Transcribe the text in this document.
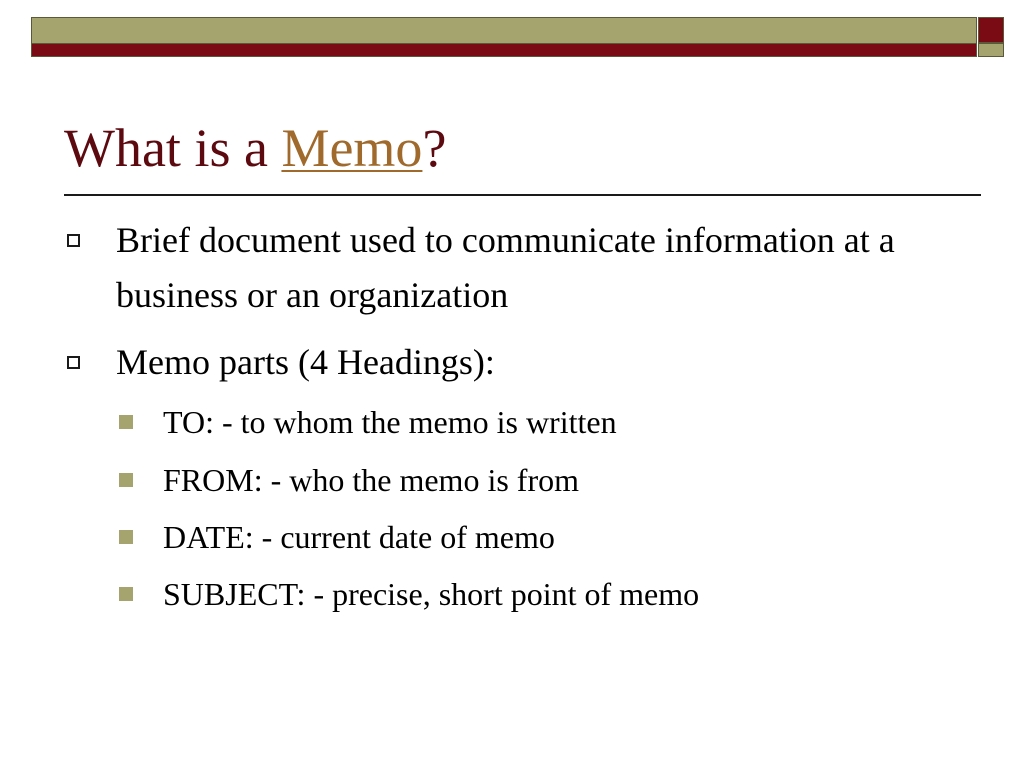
What is a Memo?

Brief document used to communicate information at a business or an organization

Memo parts (4 Headings):

TO: - to whom the memo is written

FROM: - who the memo is from

DATE: - current date of memo

SUBJECT: - precise, short point of memo
